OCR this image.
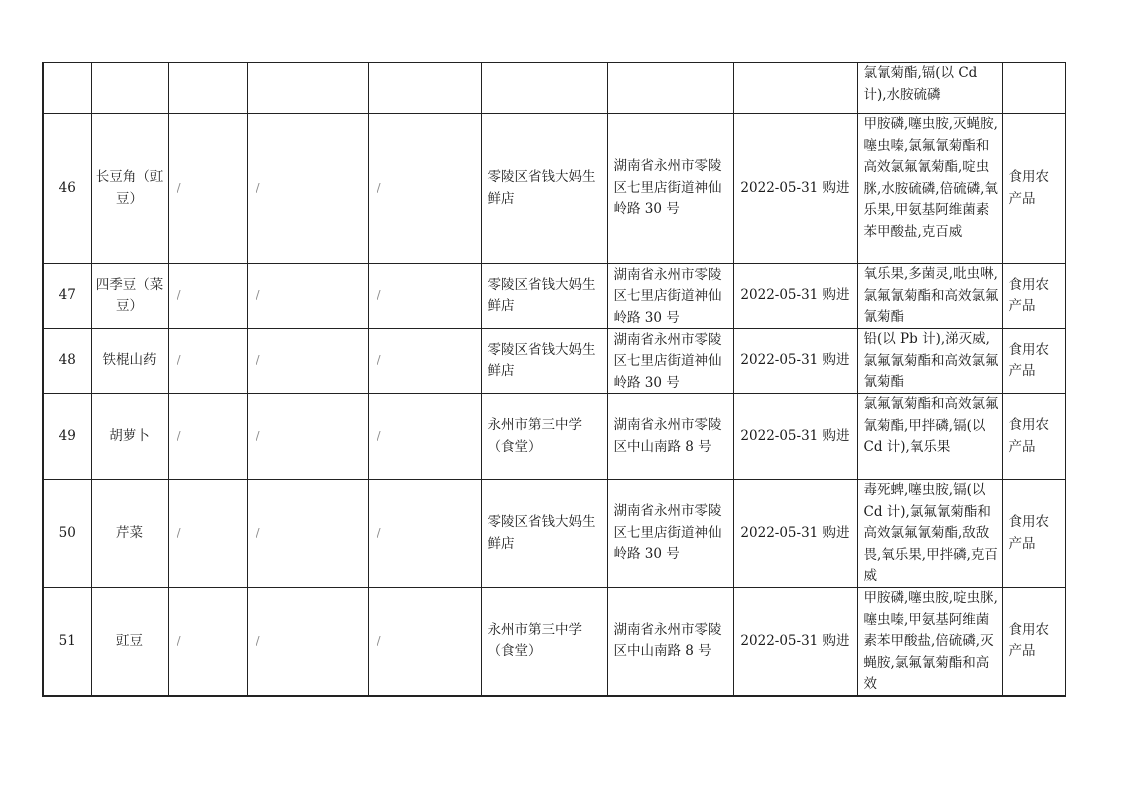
								氯氰菊酯,镉(以 Cd 计),水胺硫磷	

46	长豆角（豇豆）	/	/	/	零陵区省钱大妈生鲜店	湖南省永州市零陵区七里店街道神仙岭路 30 号	2022-05-31 购进	甲胺磷,噻虫胺,灭蝇胺,噻虫嗪,氯氟氰菊酯和高效氯氟氰菊酯,啶虫脒,水胺硫磷,倍硫磷,氧乐果,甲氨基阿维菌素苯甲酸盐,克百威	食用农产品

47	四季豆（菜豆）	/	/	/	零陵区省钱大妈生鲜店	湖南省永州市零陵区七里店街道神仙岭路 30 号	2022-05-31 购进	氧乐果,多菌灵,吡虫啉,氯氟氰菊酯和高效氯氟氰菊酯	食用农产品

48	铁棍山药	/	/	/	零陵区省钱大妈生鲜店	湖南省永州市零陵区七里店街道神仙岭路 30 号	2022-05-31 购进	铅(以 Pb 计),涕灭威,氯氟氰菊酯和高效氯氟氰菊酯	食用农产品

49	胡萝卜	/	/	/	永州市第三中学（食堂）	湖南省永州市零陵区中山南路 8 号	2022-05-31 购进	氯氟氰菊酯和高效氯氟氰菊酯,甲拌磷,镉(以 Cd 计),氧乐果	食用农产品

50	芹菜	/	/	/	零陵区省钱大妈生鲜店	湖南省永州市零陵区七里店街道神仙岭路 30 号	2022-05-31 购进	毒死蜱,噻虫胺,镉(以 Cd 计),氯氟氰菊酯和高效氯氟氰菊酯,敌敌畏,氧乐果,甲拌磷,克百威	食用农产品

51	豇豆	/	/	/	永州市第三中学（食堂）	湖南省永州市零陵区中山南路 8 号	2022-05-31 购进	甲胺磷,噻虫胺,啶虫脒,噻虫嗪,甲氨基阿维菌素苯甲酸盐,倍硫磷,灭蝇胺,氯氟氰菊酯和高效	食用农产品
